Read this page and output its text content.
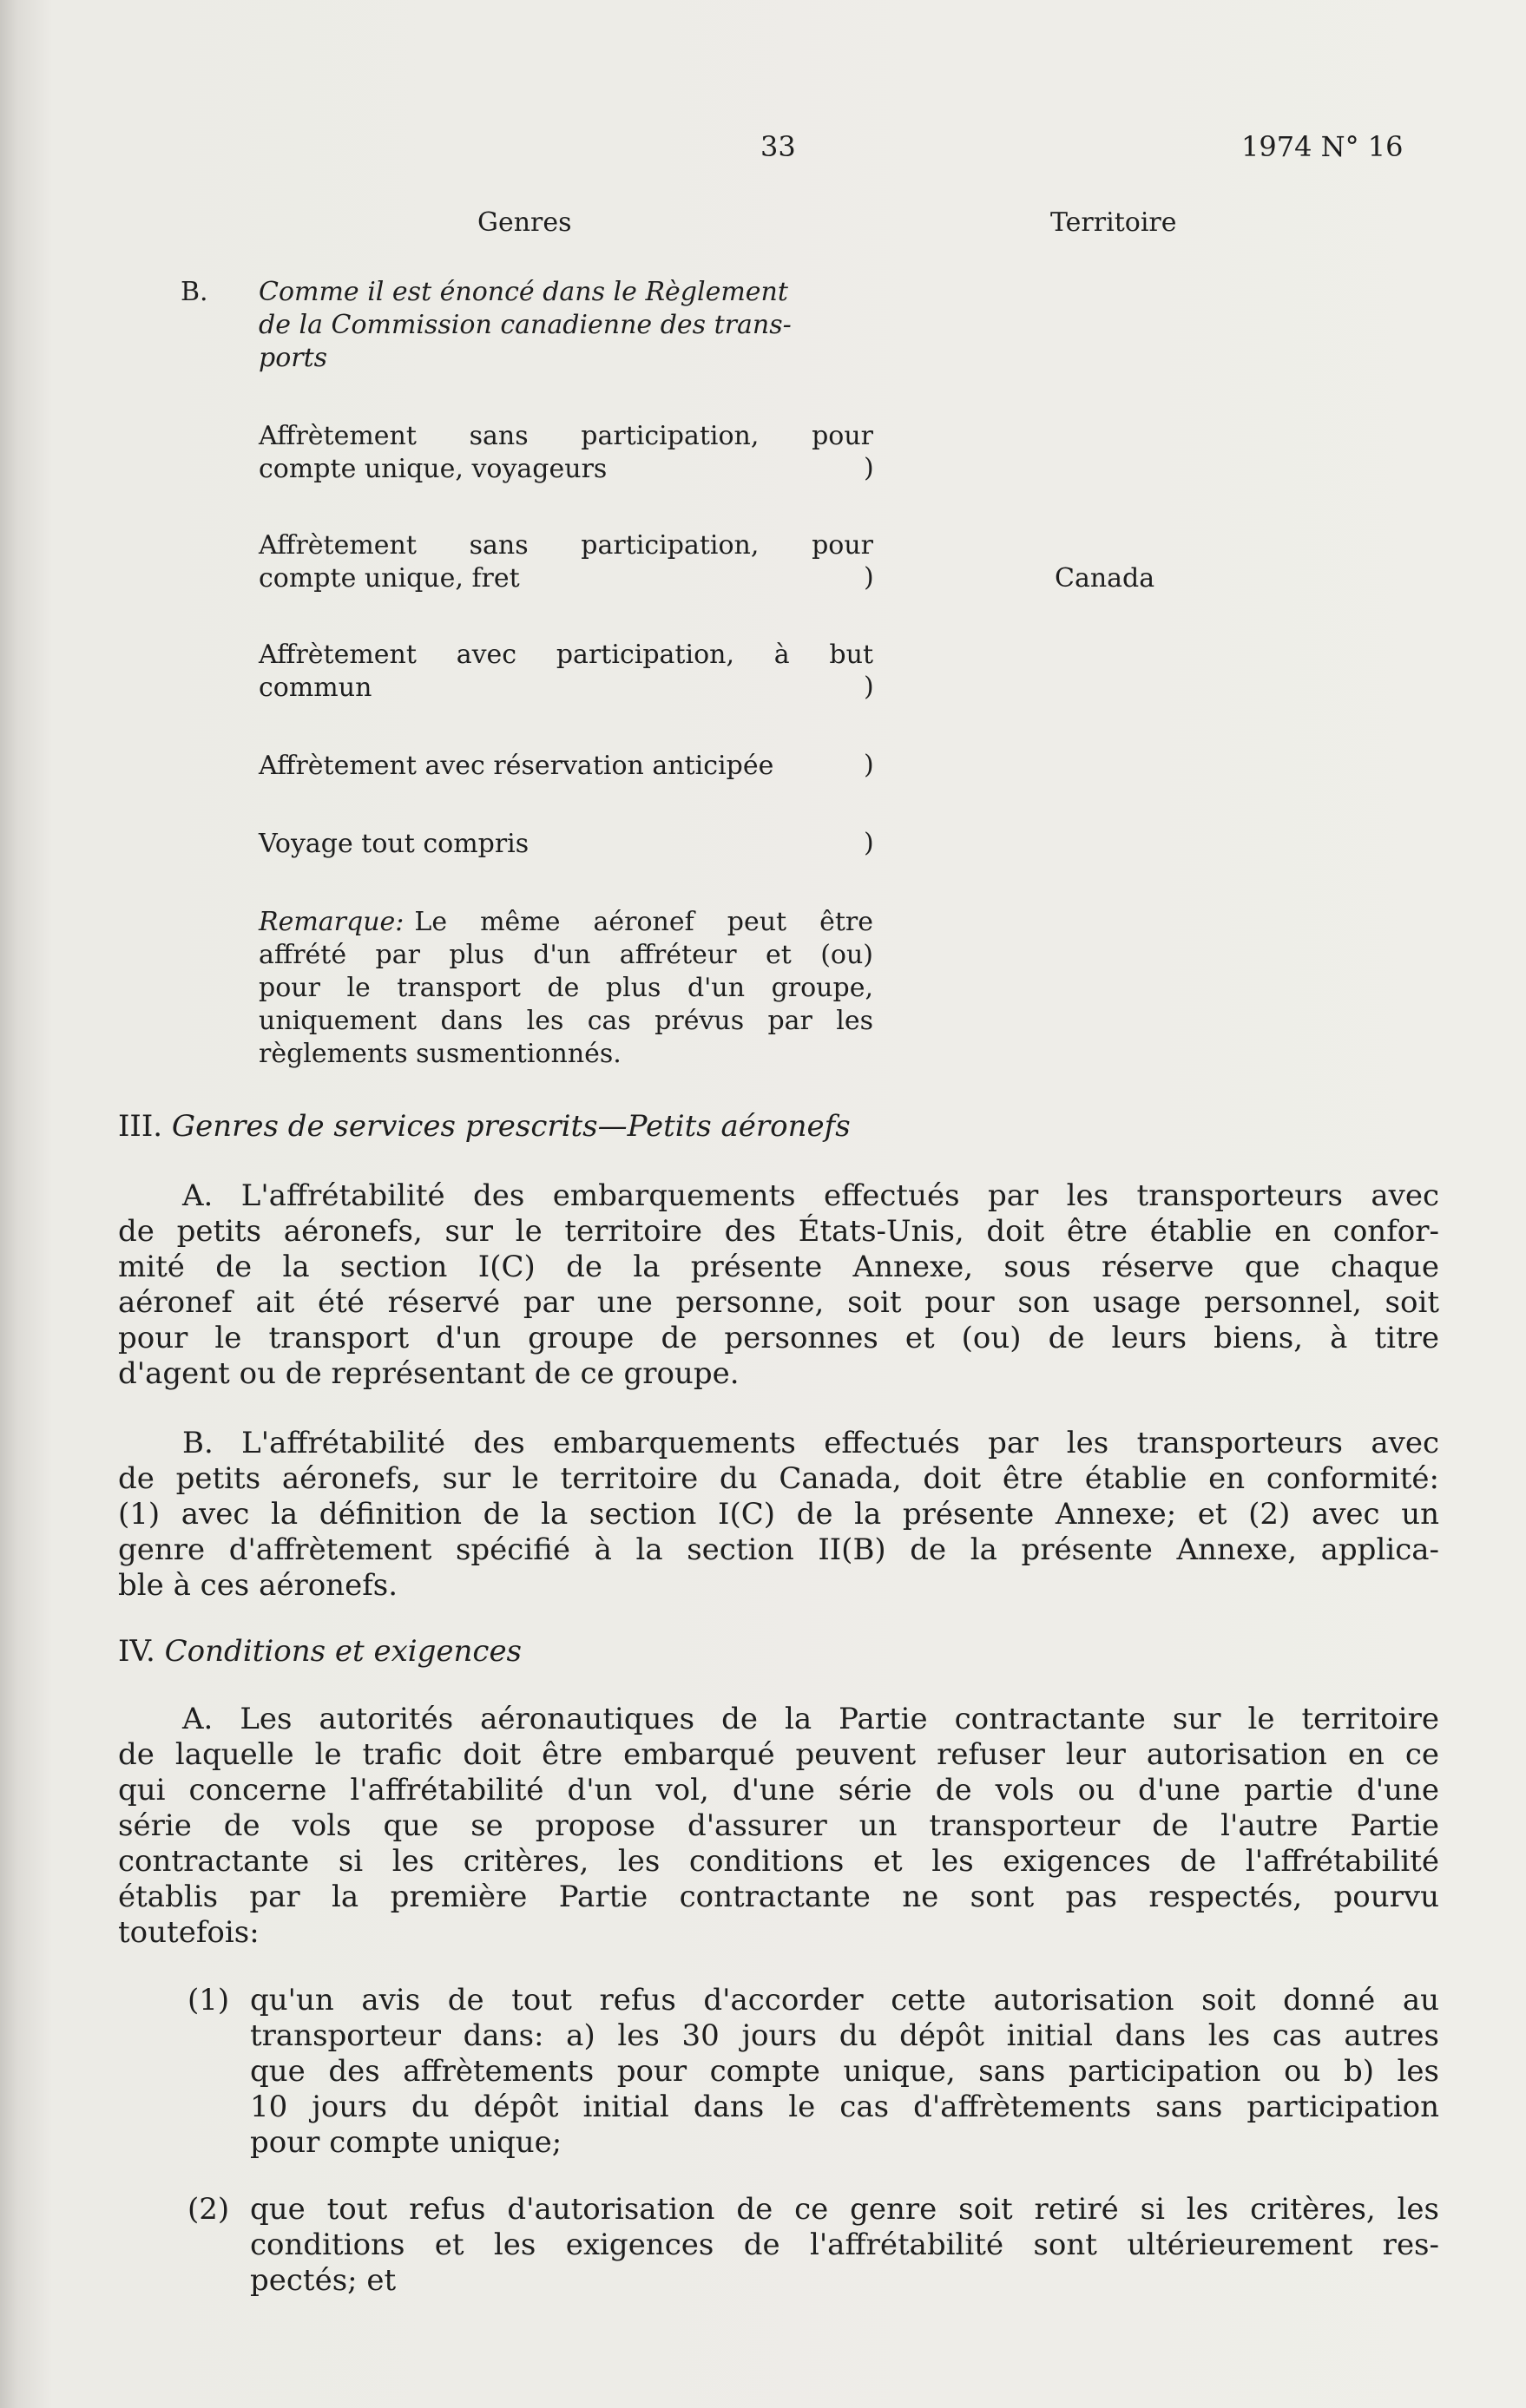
33	1974 N° 16
Genres	Territoire
B. Comme il est énoncé dans le Règlement
de la Commission canadienne des trans-
ports
Affrètement sans participation, pour
compte unique, voyageurs	)
Affrètement sans participation, pour
compte unique, fret	)	Canada
Affrètement avec participation, à but
commun	)
Affrètement avec réservation anticipée	)
Voyage tout compris	)
Remarque: Le même aéronef peut être
affrété par plus d'un affréteur et (ou)
pour le transport de plus d'un groupe,
uniquement dans les cas prévus par les
règlements susmentionnés.
III. Genres de services prescrits—Petits aéronefs
A. L'affrétabilité des embarquements effectués par les transporteurs avec
de petits aéronefs, sur le territoire des États-Unis, doit être établie en confor-
mité de la section I(C) de la présente Annexe, sous réserve que chaque
aéronef ait été réservé par une personne, soit pour son usage personnel, soit
pour le transport d'un groupe de personnes et (ou) de leurs biens, à titre
d'agent ou de représentant de ce groupe.
B. L'affrétabilité des embarquements effectués par les transporteurs avec
de petits aéronefs, sur le territoire du Canada, doit être établie en conformité:
(1) avec la définition de la section I(C) de la présente Annexe; et (2) avec un
genre d'affrètement spécifié à la section II(B) de la présente Annexe, applica-
ble à ces aéronefs.
IV. Conditions et exigences
A. Les autorités aéronautiques de la Partie contractante sur le territoire
de laquelle le trafic doit être embarqué peuvent refuser leur autorisation en ce
qui concerne l'affrétabilité d'un vol, d'une série de vols ou d'une partie d'une
série de vols que se propose d'assurer un transporteur de l'autre Partie
contractante si les critères, les conditions et les exigences de l'affrétabilité
établis par la première Partie contractante ne sont pas respectés, pourvu
toutefois:
(1) qu'un avis de tout refus d'accorder cette autorisation soit donné au
transporteur dans: a) les 30 jours du dépôt initial dans les cas autres
que des affrètements pour compte unique, sans participation ou b) les
10 jours du dépôt initial dans le cas d'affrètements sans participation
pour compte unique;
(2) que tout refus d'autorisation de ce genre soit retiré si les critères, les
conditions et les exigences de l'affrétabilité sont ultérieurement res-
pectés; et
